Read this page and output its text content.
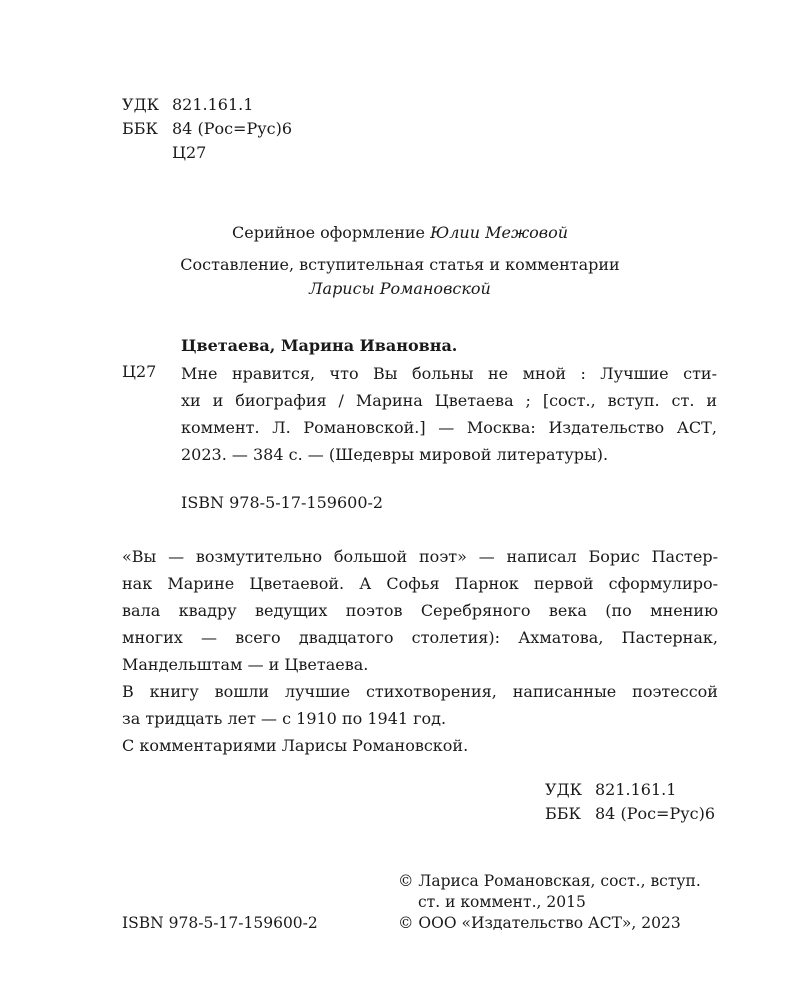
УДК 821.161.1
ББК 84 (Рос=Рус)6
Ц27
Серийное оформление Юлии Межовой
Составление, вступительная статья и комментарии
Ларисы Романовской
Цветаева, Марина Ивановна.
Ц27 Мне нравится, что Вы больны не мной : Лучшие сти-
хи и биография / Марина Цветаева ; [сост., вступ. ст. и
коммент. Л. Романовской.] — Москва: Издательство АСТ,
2023. — 384 с. — (Шедевры мировой литературы).
ISBN 978-5-17-159600-2
«Вы — возмутительно большой поэт» — написал Борис Пастер-
нак Марине Цветаевой. А Софья Парнок первой сформулиро-
вала квадру ведущих поэтов Серебряного века (по мнению
многих — всего двадцатого столетия): Ахматова, Пастернак,
Мандельштам — и Цветаева.
В книгу вошли лучшие стихотворения, написанные поэтессой
за тридцать лет — с 1910 по 1941 год.
С комментариями Ларисы Романовской.
УДК 821.161.1
ББК 84 (Рос=Рус)6
© Лариса Романовская, сост., вступ.
ст. и коммент., 2015
© ООО «Издательство АСТ», 2023
ISBN 978-5-17-159600-2
